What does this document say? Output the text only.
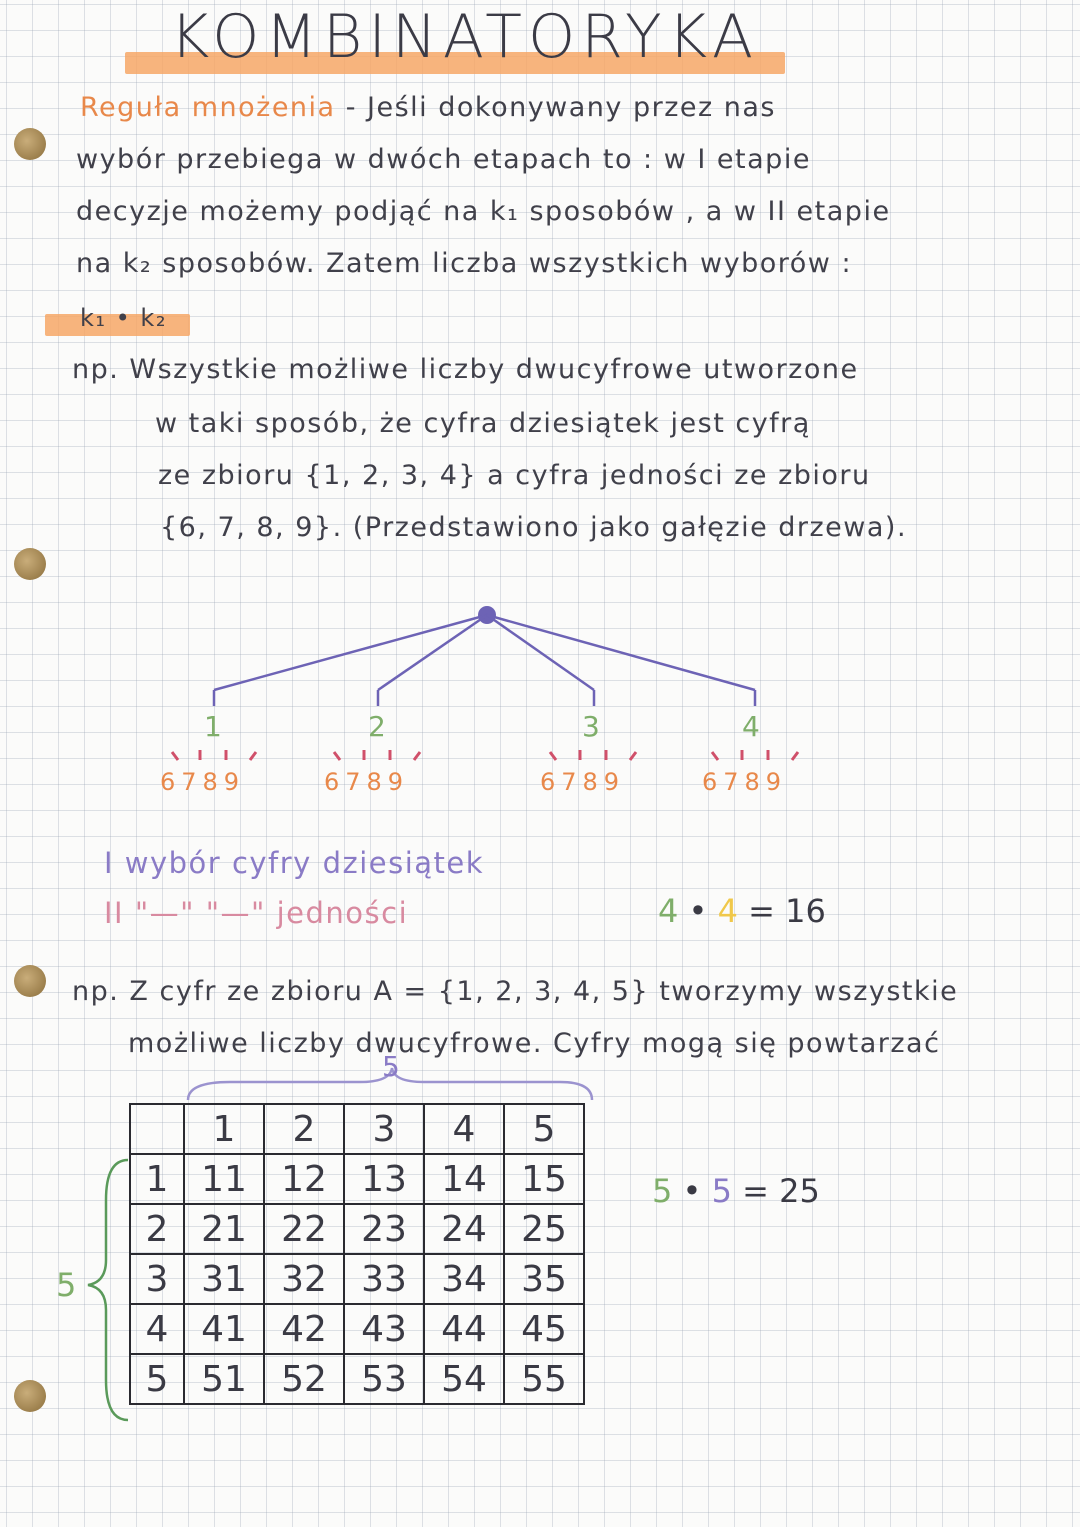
KOMBINATORYKA
Reguła mnożenia - Jeśli dokonywany przez nas
wybór przebiega w dwóch etapach to : w I etapie
decyzje możemy podjąć na k₁ sposobów , a w II etapie
na k₂ sposobów. Zatem liczba wszystkich wyborów :
k₁ • k₂
np. Wszystkie możliwe liczby dwucyfrowe utworzone
w taki sposób, że cyfra dziesiątek jest cyfrą
ze zbioru {1, 2, 3, 4} a cyfra jedności ze zbioru
{6, 7, 8, 9}. (Przedstawiono jako gałęzie drzewa).
1	2	3	4
6789	6789	6789	6789
I wybór cyfry dziesiątek
II "—" "—" jedności	4 • 4 = 16
np. Z cyfr ze zbioru A = {1, 2, 3, 4, 5} tworzymy wszystkie
możliwe liczby dwucyfrowe. Cyfry mogą się powtarzać
5
5
	1	2	3	4	5
1	11	12	13	14	15
2	21	22	23	24	25
3	31	32	33	34	35
4	41	42	43	44	45
5	51	52	53	54	55
5 • 5 = 25
